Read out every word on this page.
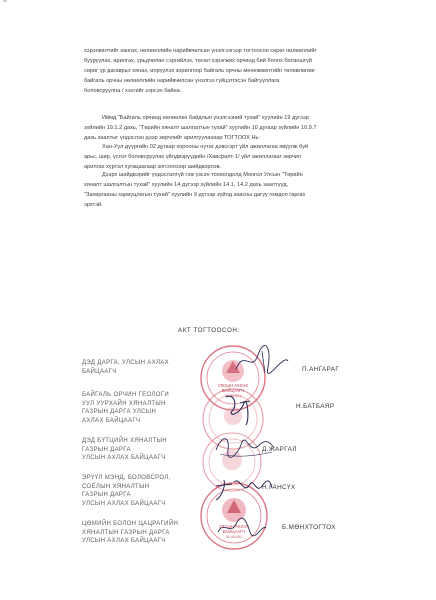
хэрэгжилтийг хангах, нөлөөллийн нарийвчилсан үнэлгээгээр тогтоосон сөрөг нөлөөллийг
бууруулах, арилгах, урьдчилан сэргийлэх, төсөл хэрэгжих орчинд бий болох болзошгүй
сөрөг үр дагаврыг хянах, илрүүлэх зорилгоор байгаль орчны менежментийн төлөвлөгөөг
байгаль орчны нөлөөллийн нарийвчилсан үнэлгээ гүйцэтгэсэн байгууллага
боловсруулна / хэсгийг зэрсэн байна.
Иймд "Байгаль орчинд нөлөөлөх байдлын үнэлгээний тухай" хуулийн 19 дүгээр
зүйлийн 19.1.2 дахь, "Төрийн хяналт шалгалтын тухай" хуулийн 10 дугаар зүйлийн 10.9.7
дахь заалтыг үндэслэн дээр зөрчлийг арилгуулахаар ТОГТООХ Нь:
Хан-Уул дүүргийн 02 дугаар хорооны нутаг дэвсгэрт үйл ажиллагаа явуулж буй
арьс, шир, үслэг боловсруулах үйлдвэрүүдийн /Хавсралт-1/ үйл ажиллагааг зөрчил
арилгах хүртэл хугацаагаар зогсоохоор шийдвэрлэв.
Дээрх шийдвэрийг үндэслэлгүй гэж үзсэн тохиолдолд Монгол Улсын "Төрийн
хяналт шалгалтын тухай" хуулийн 14 дүгээр зүйлийн 14.1, 14.2 дахь заалтууд,
"Захиргааны хариуцлагын тухай" хуулийн 9 дүгээр зүйлд заасны дагуу гомдол гаргах
эрхтэй.
АКТ ТОГТООСОН:
УЛСЫН АХЛАХ
БАЙЦААГЧ
01-00-001
УЛСЫН АХЛАХ
БАЙЦААГЧ
01-00-001
ДЭД ДАРГА, УЛСЫН АХЛАХ
БАЙЦААГЧ	П.АНГАРАГ
БАЙГАЛЬ ОРЧИН ГЕОЛОГИ
УУЛ УУРХАЙН ХЯНАЛТЫН
ГАЗРЫН ДАРГА УЛСЫН
АХЛАХ БАЙЦААГЧ
Н.БАТБАЯР
ДЭД БҮТЦИЙН ХЯНАЛТЫН
ГАЗРЫН ДАРГА
УЛСЫН АХЛАХ БАЙЦААГЧ
Д.ЖАРГАЛ
ЭРҮҮЛ МЭНД, БОЛОВСРОЛ,
СОЁЛЫН ХЯНАЛТЫН
ГАЗРЫН ДАРГА
УЛСЫН АХЛАХ БАЙЦААГЧ
Н.ГАНСҮХ
ЦӨМИЙН БОЛОН ЦАЦРАГИЙН
ХЯНАЛТЫН ГАЗРЫН ДАРГА
УЛСЫН АХЛАХ БАЙЦААГЧ
Б.МӨНХТОГТОХ
